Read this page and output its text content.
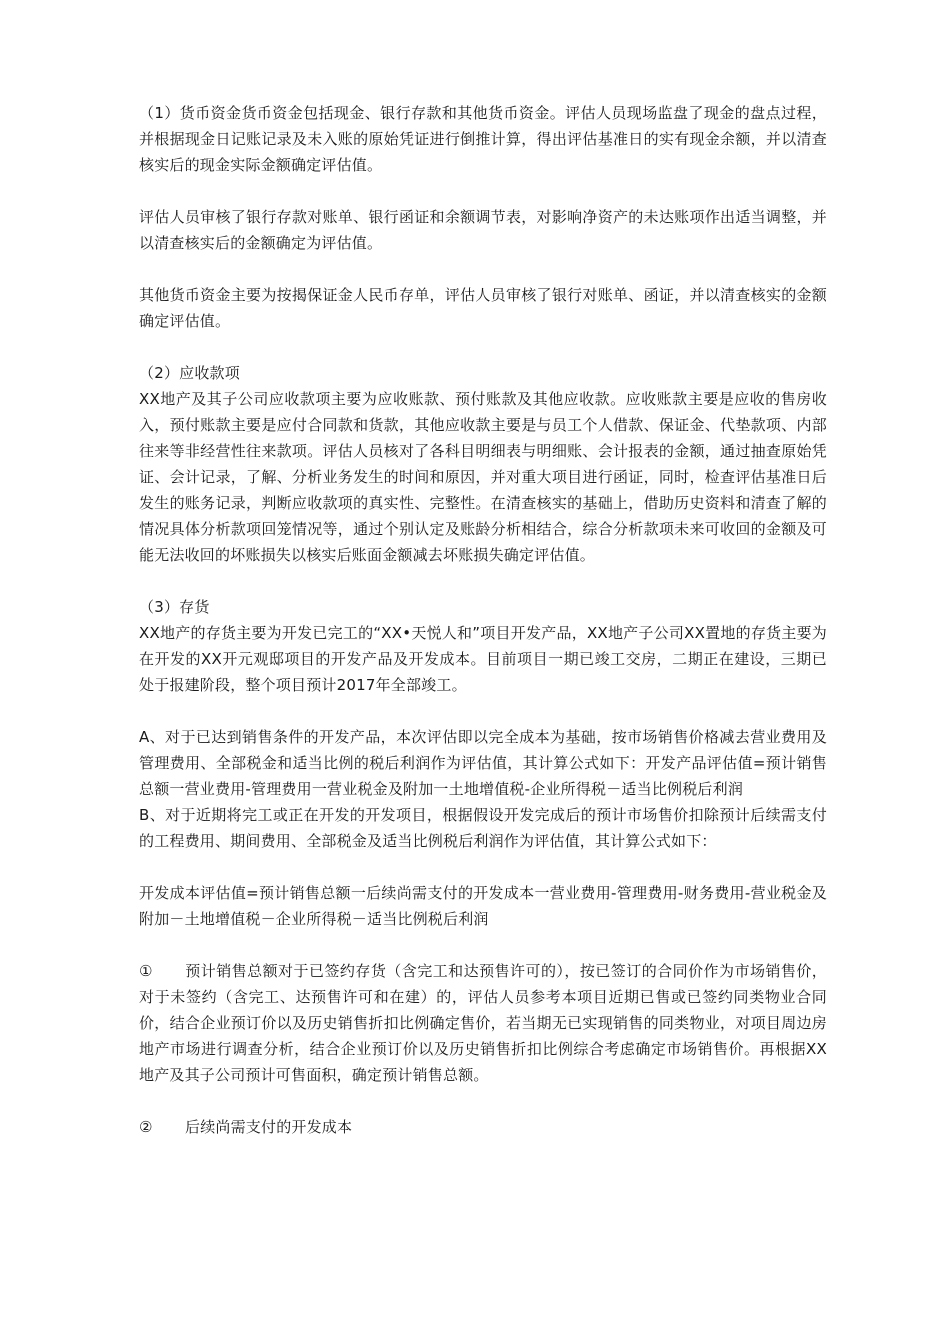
（1）货币资金货币资金包括现金、银行存款和其他货币资金。评估人员现场监盘了现金的盘点过程，并根据现金日记账记录及未入账的原始凭证进行倒推计算，得出评估基准日的实有现金余额，并以清查核实后的现金实际金额确定评估值。

评估人员审核了银行存款对账单、银行函证和余额调节表，对影响净资产的未达账项作出适当调整，并以清查核实后的金额确定为评估值。

其他货币资金主要为按揭保证金人民币存单，评估人员审核了银行对账单、函证，并以清查核实的金额确定评估值。

（2）应收款项

XX地产及其子公司应收款项主要为应收账款、预付账款及其他应收款。应收账款主要是应收的售房收入，预付账款主要是应付合同款和货款，其他应收款主要是与员工个人借款、保证金、代垫款项、内部往来等非经营性往来款项。评估人员核对了各科目明细表与明细账、会计报表的金额，通过抽查原始凭证、会计记录，了解、分析业务发生的时间和原因，并对重大项目进行函证，同时，检查评估基准日后发生的账务记录，判断应收款项的真实性、完整性。在清查核实的基础上，借助历史资料和清查了解的情况具体分析款项回笼情况等，通过个别认定及账龄分析相结合，综合分析款项未来可收回的金额及可能无法收回的坏账损失以核实后账面金额减去坏账损失确定评估值。

（3）存货

XX地产的存货主要为开发已完工的“XX•天悦人和”项目开发产品，XX地产子公司XX置地的存货主要为在开发的XX开元观邸项目的开发产品及开发成本。目前项目一期已竣工交房，二期正在建设，三期已处于报建阶段，整个项目预计2017年全部竣工。

A、对于已达到销售条件的开发产品，本次评估即以完全成本为基础，按市场销售价格减去营业费用及管理费用、全部税金和适当比例的税后利润作为评估值，其计算公式如下：开发产品评估值=预计销售总额一营业费用-管理费用一营业税金及附加一土地增值税-企业所得税－适当比例税后利润

B、对于近期将完工或正在开发的开发项目，根据假设开发完成后的预计市场售价扣除预计后续需支付的工程费用、期间费用、全部税金及适当比例税后利润作为评估值，其计算公式如下：

开发成本评估值=预计销售总额一后续尚需支付的开发成本一营业费用-管理费用-财务费用-营业税金及附加－土地增值税－企业所得税－适当比例税后利润

① 预计销售总额对于已签约存货（含完工和达预售许可的），按已签订的合同价作为市场销售价，对于未签约（含完工、达预售许可和在建）的，评估人员参考本项目近期已售或已签约同类物业合同价，结合企业预订价以及历史销售折扣比例确定售价，若当期无已实现销售的同类物业，对项目周边房地产市场进行调查分析，结合企业预订价以及历史销售折扣比例综合考虑确定市场销售价。再根据XX地产及其子公司预计可售面积，确定预计销售总额。

② 后续尚需支付的开发成本
